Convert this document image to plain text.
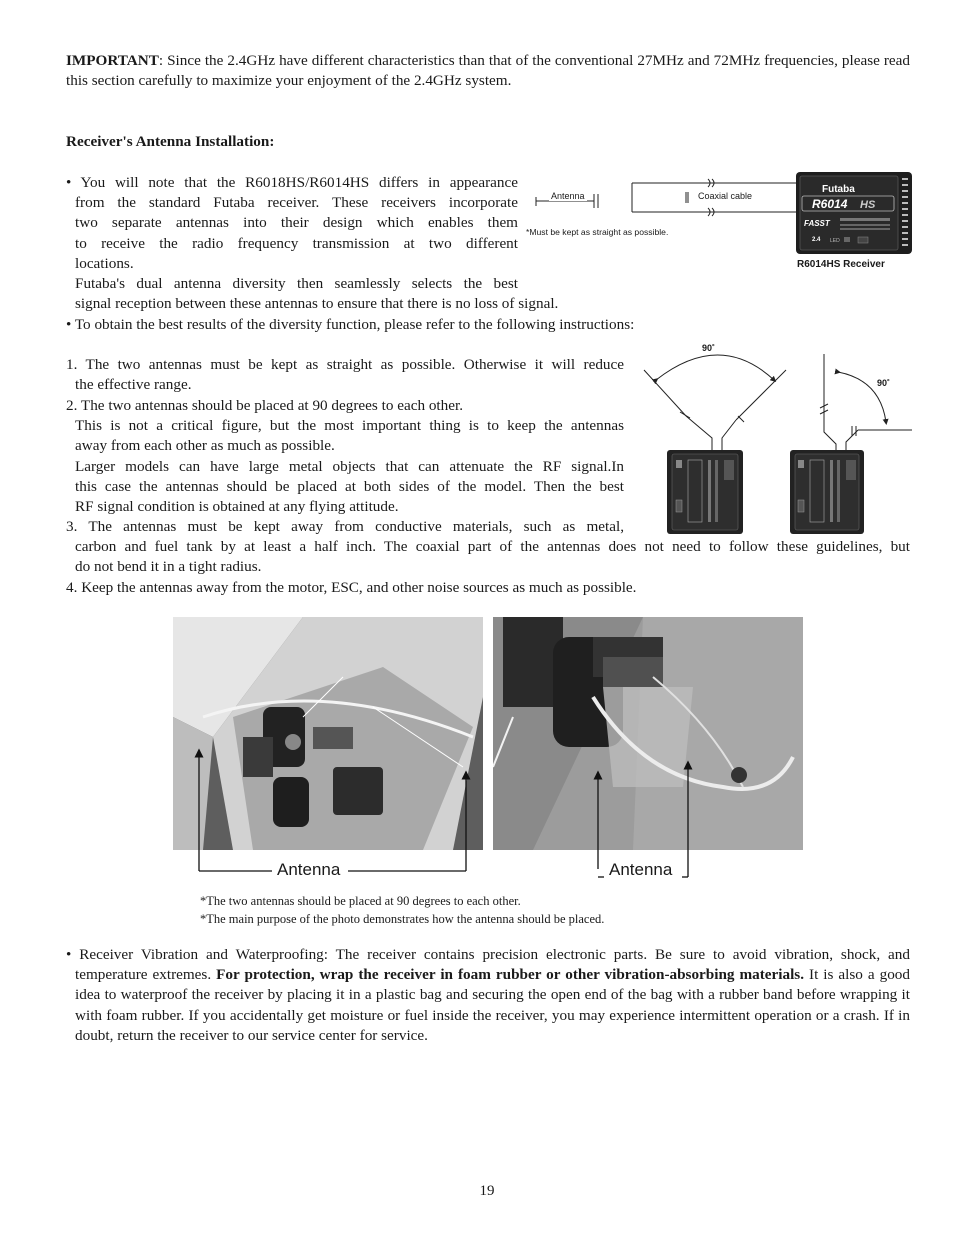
IMPORTANT: Since the 2.4GHz have different characteristics than that of the conventional 27MHz and 72MHz frequencies, please read this section carefully to maximize your enjoyment of the 2.4GHz system.

Receiver's Antenna Installation:
• You will note that the R6018HS/R6014HS differs in appearance
from the standard Futaba receiver. These receivers incorporate
two separate antennas into their design which enables them
to receive the radio frequency transmission at two different
locations.
Futaba's dual antenna diversity then seamlessly selects the best
signal reception between these antennas to ensure that there is no loss of signal.
• To obtain the best results of the diversity function, please refer to the following instructions:
Futaba
R6014 HS
FASST
2.4 LED
Antenna	Coaxial cable
*Must be kept as straight as possible.
R6014HS Receiver
1. The two antennas must be kept as straight as possible. Otherwise it will reduce
the effective range.
2. The two antennas should be placed at 90 degrees to each other.
This is not a critical figure, but the most important thing is to keep the antennas
away from each other as much as possible.
Larger models can have large metal objects that can attenuate the RF signal.In
this case the antennas should be placed at both sides of the model. Then the best
RF signal condition is obtained at any flying attitude.
3. The antennas must be kept away from conductive materials, such as metal,
carbon and fuel tank by at least a half inch. The coaxial part of the antennas does not need to follow these guidelines, but
do not bend it in a tight radius.
4. Keep the antennas away from the motor, ESC, and other noise sources as much as possible.
90˚
90˚
Antenna	Antenna
*The two antennas should be placed at 90 degrees to each other.
*The main purpose of the photo demonstrates how the antenna should be placed.

• Receiver Vibration and Waterproofing: The receiver contains precision electronic parts. Be sure to avoid vibration, shock, and temperature extremes. For protection, wrap the receiver in foam rubber or other vibration-absorbing materials. It is also a good idea to waterproof the receiver by placing it in a plastic bag and securing the open end of the bag with a rubber band before wrapping it with foam rubber. If you accidentally get moisture or fuel inside the receiver, you may experience intermittent operation or a crash. If in doubt, return the receiver to our service center for service.

19
